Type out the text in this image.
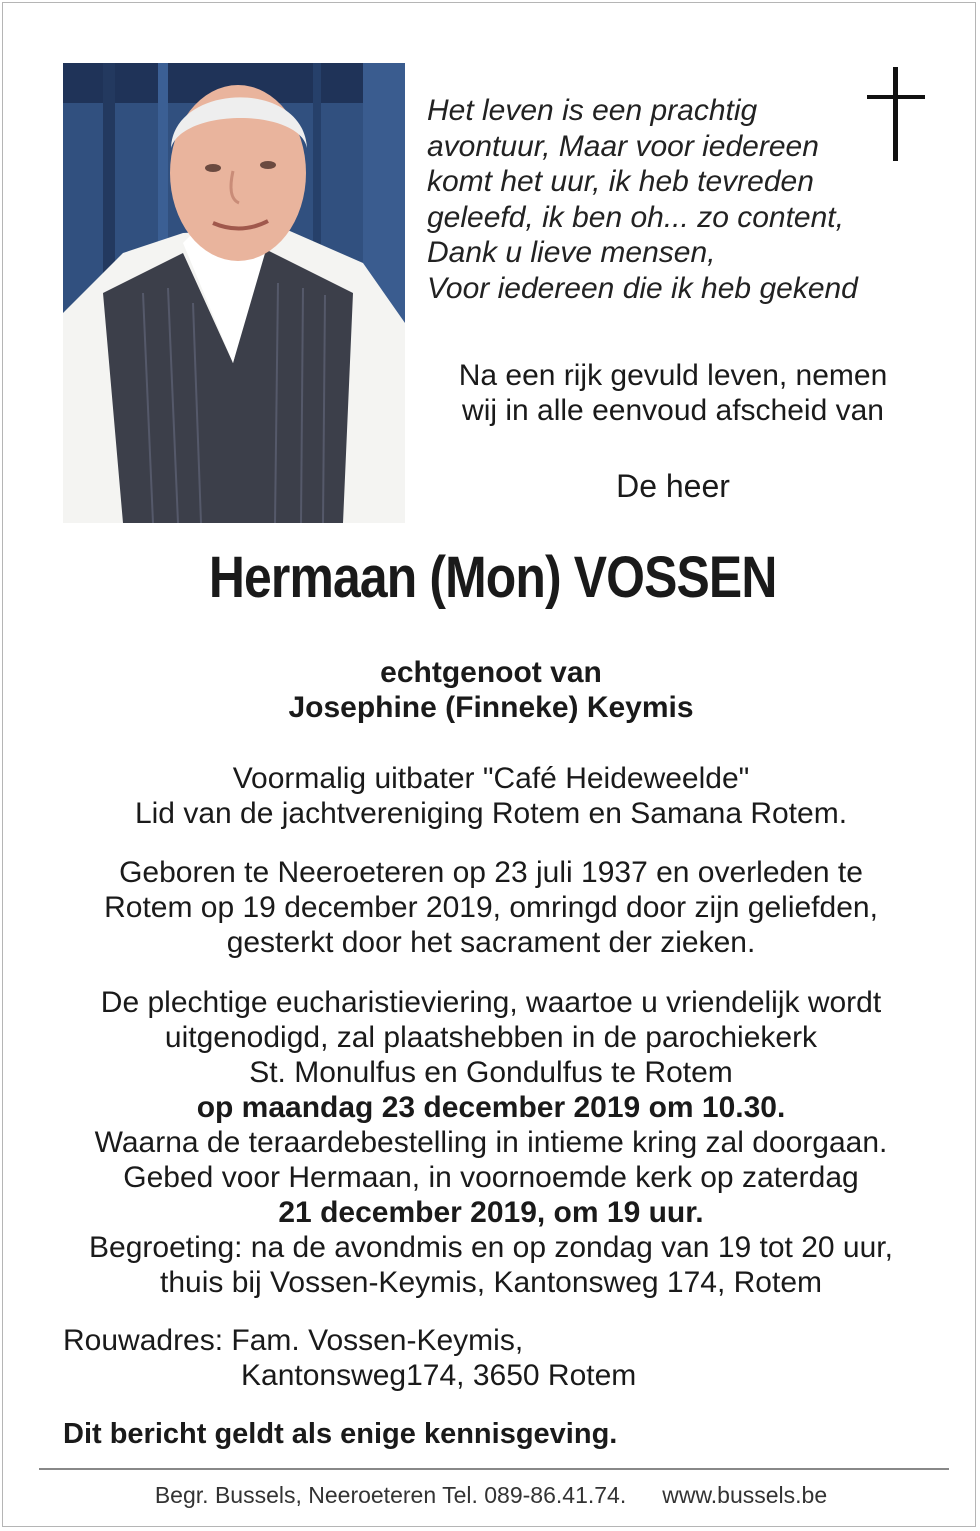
Het leven is een prachtig
avontuur, Maar voor iedereen
komt het uur, ik heb tevreden
geleefd, ik ben oh... zo content,
Dank u lieve mensen,
Voor iedereen die ik heb gekend
Na een rijk gevuld leven, nemen
wij in alle eenvoud afscheid van
De heer
Hermaan (Mon) VOSSEN
echtgenoot van
Josephine (Finneke) Keymis
Voormalig uitbater "Café Heideweelde"
Lid van de jachtvereniging Rotem en Samana Rotem.
Geboren te Neeroeteren op 23 juli 1937 en overleden te
Rotem op 19 december 2019, omringd door zijn geliefden,
gesterkt door het sacrament der zieken.
De plechtige eucharistieviering, waartoe u vriendelijk wordt
uitgenodigd, zal plaatshebben in de parochiekerk
St. Monulfus en Gondulfus te Rotem
op maandag 23 december 2019 om 10.30.
Waarna de teraardebestelling in intieme kring zal doorgaan.
Gebed voor Hermaan, in voornoemde kerk op zaterdag
21 december 2019, om 19 uur.
Begroeting: na de avondmis en op zondag van 19 tot 20 uur,
thuis bij Vossen-Keymis, Kantonsweg 174, Rotem
Rouwadres: Fam. Vossen-Keymis,
Kantonsweg174, 3650 Rotem
Dit bericht geldt als enige kennisgeving.
Begr. Bussels, Neeroeteren Tel. 089-86.41.74. www.bussels.be
